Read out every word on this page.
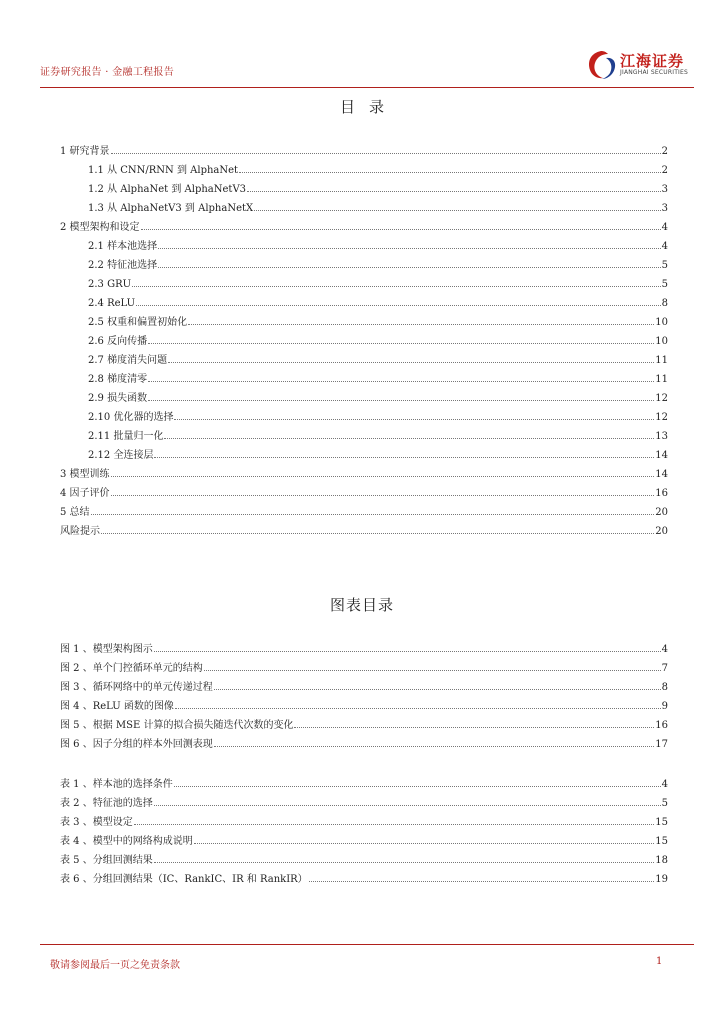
证券研究报告 · 金融工程报告
江海证券
JIANGHAI SECURITIES
目录
1 研究背景	2
1.1 从 CNN/RNN 到 AlphaNet	2
1.2 从 AlphaNet 到 AlphaNetV3	3
1.3 从 AlphaNetV3 到 AlphaNetX	3
2 模型架构和设定	4
2.1 样本池选择	4
2.2 特征池选择	5
2.3 GRU	5
2.4 ReLU	8
2.5 权重和偏置初始化	10
2.6 反向传播	10
2.7 梯度消失问题	11
2.8 梯度清零	11
2.9 损失函数	12
2.10 优化器的选择	12
2.11 批量归一化	13
2.12 全连接层	14
3 模型训练	14
4 因子评价	16
5 总结	20
风险提示	20
图表目录
图 1 、模型架构图示	4
图 2 、单个门控循环单元的结构	7
图 3 、循环网络中的单元传递过程	8
图 4 、ReLU 函数的图像	9
图 5 、根据 MSE 计算的拟合损失随迭代次数的变化	16
图 6 、因子分组的样本外回测表现	17
表 1 、样本池的选择条件	4
表 2 、特征池的选择	5
表 3 、模型设定	15
表 4 、模型中的网络构成说明	15
表 5 、分组回测结果	18
表 6 、分组回测结果（IC、RankIC、IR 和 RankIR）	19
敬请参阅最后一页之免责条款	1
